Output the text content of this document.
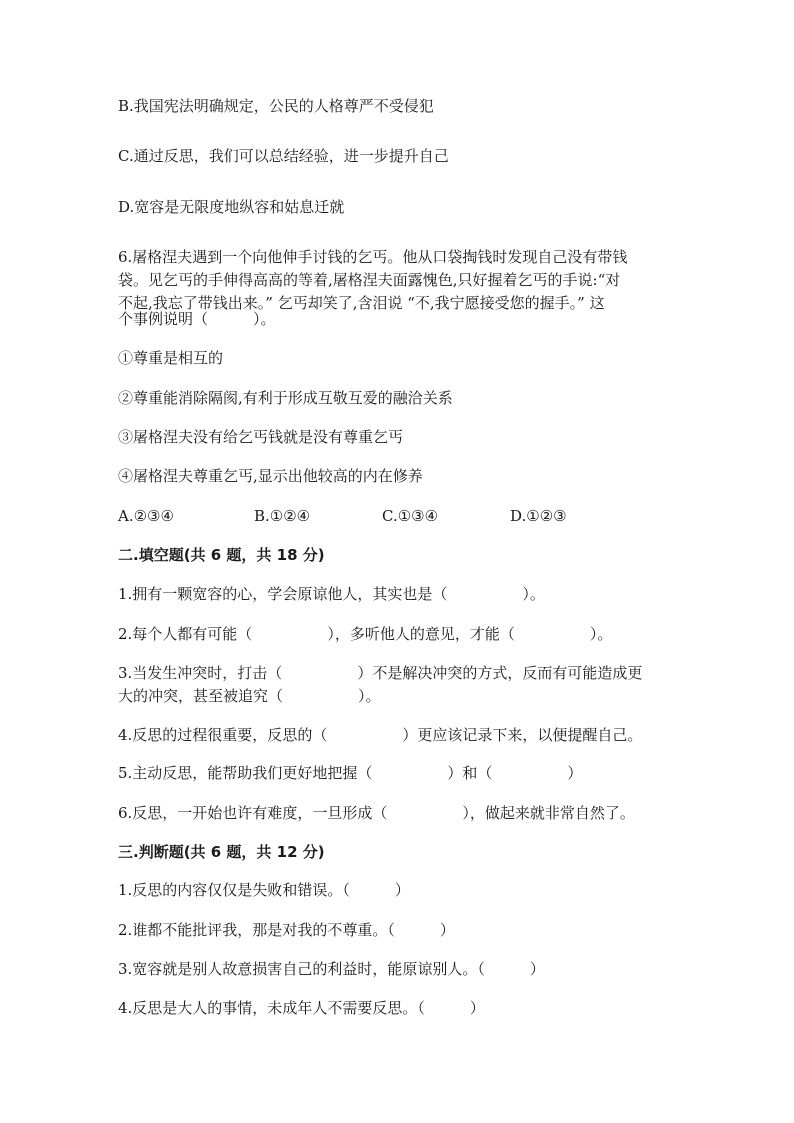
B.我国宪法明确规定，公民的人格尊严不受侵犯
C.通过反思，我们可以总结经验，进一步提升自己
D.宽容是无限度地纵容和姑息迁就
6.屠格涅夫遇到一个向他伸手讨钱的乞丐。他从口袋掏钱时发现自己没有带钱
袋。见乞丐的手伸得高高的等着,屠格涅夫面露愧色,只好握着乞丐的手说:“对
不起,我忘了带钱出来。” 乞丐却笑了,含泪说 “不,我宁愿接受您的握手。” 这
个事例说明（　　　）。
①尊重是相互的
②尊重能消除隔阂,有利于形成互敬互爱的融洽关系
③屠格涅夫没有给乞丐钱就是没有尊重乞丐
④屠格涅夫尊重乞丐,显示出他较高的内在修养
A.②③④	B.①②④	C.①③④	D.①②③
二.填空题(共 6 题，共 18 分)
1.拥有一颗宽容的心，学会原谅他人，其实也是（　　　　　）。
2.每个人都有可能（　　　　　），多听他人的意见，才能（　　　　　）。
3.当发生冲突时，打击（　　　　　）不是解决冲突的方式，反而有可能造成更
大的冲突，甚至被追究（　　　　　）。
4.反思的过程很重要，反思的（　　　　　）更应该记录下来，以便提醒自己。
5.主动反思，能帮助我们更好地把握（　　　　　）和（　　　　　）
6.反思，一开始也许有难度，一旦形成（　　　　　），做起来就非常自然了。
三.判断题(共 6 题，共 12 分)
1.反思的内容仅仅是失败和错误。（　　　）
2.谁都不能批评我，那是对我的不尊重。（　　　）
3.宽容就是别人故意损害自己的利益时，能原谅别人。（　　　）
4.反思是大人的事情，未成年人不需要反思。（　　　）
